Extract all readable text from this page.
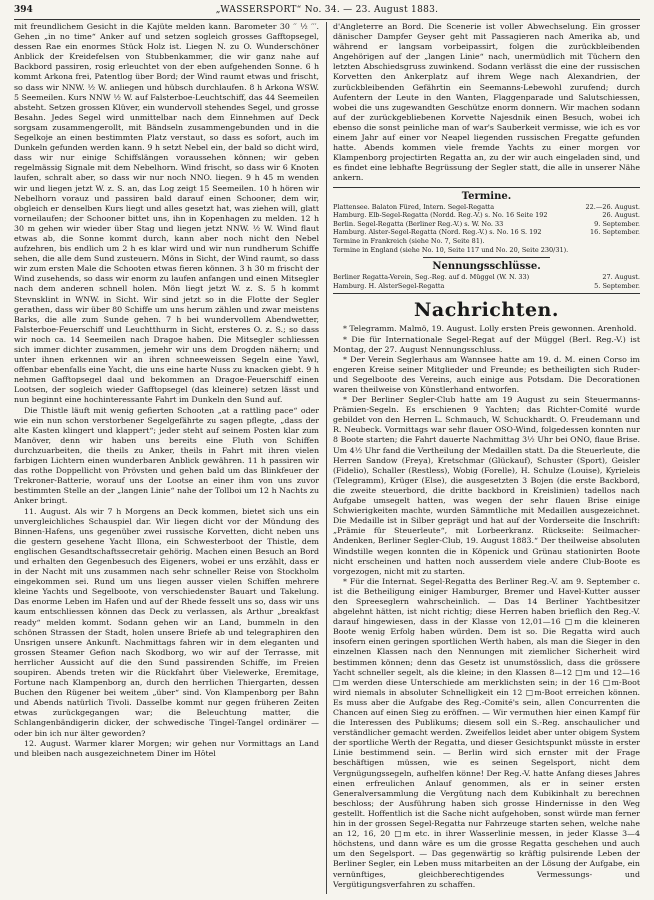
394	„WASSERSPORT“ No. 34. — 23. August 1883.

mit freundlichem Gesicht in die Kajüte melden kann. Barometer 30 ′′ ½ ′′′. Gehen „in no time“ Anker auf und setzen sogleich grosses Gafftopsegel, dessen Rae ein enormes Stück Holz ist. Liegen N. zu O. Wunderschöner Anblick der Kreidefelsen von Stubbenkammer, die wir ganz nahe auf Backbord passiren, rosig erleuchtet von der eben aufgehenden Sonne. 6 h kommt Arkona frei, Patentlog über Bord; der Wind raumt etwas und frischt, so dass wir NNW. ½ W. anliegen und hübsch durchlaufen. 8 h Arkona WSW. 5 Seemeilen. Kurs NNW ½ W. auf Falsterboe-Leuchtschiff, das 44 Seemeilen absteht. Setzen grossen Klüver, ein wundervoll stehendes Segel, und grosse Besahn. Jedes Segel wird unmittelbar nach dem Einnehmen auf Deck sorgsam zusammengerollt, mit Bändseln zusammengebunden und in die Segelkoje an einen bestimmten Platz verstaut, so dass es sofort, auch im Dunkeln gefunden werden kann. 9 h setzt Nebel ein, der bald so dicht wird, dass wir nur einige Schiffslängen voraussehen können; wir geben regelmässig Signale mit dem Nebelhorn. Wind frischt, so dass wir 6 Knoten laufen, schralt aber, so dass wir nur noch NNO. liegen. 9 h 45 m wenden wir und liegen jetzt W. z. S. an, das Log zeigt 15 Seemeilen. 10 h hören wir Nebelhorn vorauz und passiren bald darauf einen Schooner, dem wir, obgleich er denselben Kurs liegt und alles gesetzt hat, was ziehen will, glatt vorneilaufen; der Schooner bittet uns, ihn in Kopenhagen zu melden. 12 h 30 m gehen wir wieder über Stag und liegen jetzt NNW. ½ W. Wind flaut etwas ab, die Sonne kommt durch, kann aber noch nicht den Nebel aufzehren, bis endlich um 2 h es klar wird und wir nun rundherum Schiffe sehen, die alle dem Sund zusteuern. Möns in Sicht, der Wind raumt, so dass wir zum ersten Male die Schooten etwas fieren können. 3 h 30 m frischt der Wind zusehends, so dass wir enorm zu laufen anfangen und einen Mitsegler nach dem anderen schnell holen. Mön liegt jetzt W. z. S. 5 h kommt Stevnsklint in WNW. in Sicht. Wir sind jetzt so in die Flotte der Segler gerathen, dass wir über 80 Schiffe um uns herum zählen und zwar meistens Barks, die alle zum Sunde gehen. 7 h bei wundervollem Abendwetter, Falsterboe-Feuerschiff und Leuchtthurm in Sicht, ersteres O. z. S.; so dass wir noch ca. 14 Seemeilen nach Dragoe haben. Die Mitsegler schliessen sich immer dichter zusammen, jemehr wir uns dem Drogden nähern; und unter ihnen erkennen wir an ihren schneeweissen Segeln eine Yawl, offenbar ebenfalls eine Yacht, die uns eine harte Nuss zu knacken giebt. 9 h nehmen Gafftopsegel daal und bekommen an Dragoe-Feuerschiff einen Lootsen, der sogleich wieder Gafftopsegel (das kleinere) setzen lässt und nun beginnt eine hochinteressante Fahrt im Dunkeln den Sund auf.

Die Thistle läuft mit wenig gefierten Schooten „at a rattling pace“ oder wie ein nun schon verstorbener Segelgefährte zu sagen pflegte, „dass der alte Kasten klingert und klappert“; jeder steht auf seinem Posten klar zum Manöver, denn wir haben uns bereits eine Fluth von Schiffen durchzuarbeiten, die theils zu Anker, theils in Fahrt mit ihren vielen farbigen Lichtern einen wunderbaren Anblick gewähren. 11 h passiren wir das rothe Doppellicht von Prövsten und gehen bald um das Blinkfeuer der Trekroner-Batterie, worauf uns der Lootse an einer ihm von uns zuvor bestimmten Stelle an der „langen Linie“ nahe der Tollboi um 12 h Nachts zu Anker bringt.

11. August. Als wir 7 h Morgens an Deck kommen, bietet sich uns ein unvergleichliches Schauspiel dar. Wir liegen dicht vor der Mündung des Binnen-Hafens, uns gegenüber zwei russische Korvetten, dicht neben uns die gestern gesehene Yacht Illona, ein Schwesterboot der Thistle, dem englischen Gesandtschaftssecretair gehörig. Machen einen Besuch an Bord und erhalten den Gegenbesuch des Eigeners, wobei er uns erzählt, dass er in der Nacht mit uns zusammen nach sehr schneller Reise von Stockholm eingekommen sei. Rund um uns liegen ausser vielen Schiffen mehrere kleine Yachts und Segelboote, von verschiedenster Bauart und Takelung. Das enorme Leben im Hafen und auf der Rhede fesselt uns so, dass wir uns kaum entschliessen können das Deck zu verlassen, als Arthur „breakfast ready“ melden kommt. Sodann gehen wir an Land, bummeln in den schönen Strassen der Stadt, holen unsere Briefe ab und telegraphiren den Unsrigen unsere Ankunft. Nachmittags fahren wir in dem eleganten und grossen Steamer Gefion nach Skodborg, wo wir auf der Terrasse, mit herrlicher Aussicht auf die den Sund passirenden Schiffe, im Freien soupiren. Abends treten wir die Rückfahrt über Vielewerke, Eremitage, Fortune nach Klampenborg an, durch den herrlichen Thiergarten, dessen Buchen den Rügener bei weitem „über“ sind. Von Klampenborg per Bahn und Abends natürlich Tivoli. Dasselbe kommt nur gegen früheren Zeiten etwas zurückgegangen war; die Beleuchtung matter, die Schlangenbändigerin dicker, der schwedische Tingel-Tangel ordinärer — oder bin ich nur älter geworden?

12. August. Warmer klarer Morgen; wir gehen nur Vormittags an Land und bleiben nach ausgezeichnetem Diner im Hôtel

d'Angleterre an Bord. Die Scenerie ist voller Abwechselung. Ein grosser dänischer Dampfer Geyser geht mit Passagieren nach Amerika ab, und während er langsam vorbeipassirt, folgen die zurückbleibenden Angehörigen auf der „langen Linie“ nach, unermüdlich mit Tüchern den letzten Abschiedsgruss zuwinkend. Sodann verlässt die eine der russischen Korvetten den Ankerplatz auf ihrem Wege nach Alexandrien, der zurückbleibenden Gefährtin ein Seemanns-Lebewohl zurufend; durch Aufentern der Leute in den Wanten, Flaggenparade und Salutschiessen, wobei die uns zugewandten Geschütze enorm donnern. Wir machen sodann auf der zurückgebliebenen Korvette Najesdnik einen Besuch, wobei ich ebenso die sonst peinliche man of war's Sauberkeit vermisse, wie ich es vor einem Jahr auf einer vor Neapel liegenden russischen Fregatte gefunden hatte. Abends kommen viele fremde Yachts zu einer morgen vor Klampenborg projectirten Regatta an, zu der wir auch eingeladen sind, und es findet eine lebhafte Begrüssung der Segler statt, die alle in unserer Nähe ankern.

Termine.
Plattensee. Balaton Füred, Intern. Segel-Regatta	22.—26. August.
Hamburg. Elb-Segel-Regatta (Nordd. Reg.-V.) s. No. 16 Seite 192	26. August.
Berlin. Segel-Regatta (Berliner Reg.-V.) s. W. No. 33	9. September.
Hamburg. Alster-Segel-Regatta (Nord. Reg.-V.) s. No. 16 S. 192	16. September.
Termine in Frankreich (siehe No. 7, Seite 81).
Termine in England (siehe No. 10, Seite 117 und No. 20, Seite 230/31).
Nennungsschlüsse.
Berliner Regatta-Verein, Seg.-Reg. auf d. Müggel (W. N. 33)	27. August.
Hamburg. H. AlsterSegel-Regatta	5. September.
Nachrichten.

* Telegramm. Malmö, 19. August. Lolly ersten Preis gewonnen. Arenhold.

* Die für Internationale Segel-Regat auf der Müggel (Berl. Reg.-V.) ist Montag, der 27. August Nennungsschluss.

* Der Verein Seglerhaus am Wannsee hatte am 19. d. M. einen Corso im engeren Kreise seiner Mitglieder und Freunde; es betheiligten sich Ruder- und Segelboote des Vereins, auch einige aus Potsdam. Die Decorationen waren theilweise von Künstlerhand entworfen.

* Der Berliner Segler-Club hatte am 19 August zu sein Steuermanns-Prämien-Segeln. Es erschienen 9 Yachten; das Richter-Comité wurde gebildet von den Herren L. Schmauch, W. Schuckhardt. O. Freudemann und R. Neubeck. Vormittags war sehr flauer OSO-Wind, folgedessen konnten nur 8 Boote starten; die Fahrt dauerte Nachmittag 3½ Uhr bei ONO, flaue Brise. Um 4½ Uhr fand die Vertheilung der Medaillen statt. Da die Steuerleute, die Herren Sandow (Freya), Kretschmar (Glückauf), Schuster (Sport), Geisler (Fidelio), Schaller (Restless), Wobig (Forelle), H. Schulze (Louise), Kyrieleis (Telegramm), Krüger (Else), die ausgesetzten 3 Bojen (die erste Backbord, die zweite steuerbord, die dritte backbord in Kreislinien) tadellos nach Aufgabe umsegelt hatten, was wegen der sehr flauen Brise einige Schwierigkeiten machte, wurden Sämmtliche mit Medaillen ausgezeichnet. Die Medaille ist in Silber geprägt und hat auf der Vorderseite die Inschrift: „Prämie für Steuerleute“, mit Lorbeerkranz. Rückseite: Seilmacher-Andenken, Berliner Segler-Club, 19. August 1883.“ Der theilweise absoluten Windstille wegen konnten die in Köpenick und Grünau stationirten Boote nicht erscheinen und hatten noch ausserdem viele andere Club-Boote es vorgezogen, nicht mit zu starten.

* Für die Internat. Segel-Regatta des Berliner Reg.-V. am 9. September c. ist die Betheiligung einiger Hamburger, Bremer und Havel-Kutter ausser den Spreeseglern wahrscheinlich. — Das 14 Berliner Yachtbesitzer abgelehnt hätten, ist nicht richtig; diese Herren haben brieflich den Reg.-V. darauf hingewiesen, dass in der Klasse von 12,01—16 □m die kleineren Boote wenig Erfolg haben würden. Dem ist so. Die Regatta wird auch insofern einen geringen sportlichen Werth haben, als man die Sieger in den einzelnen Klassen nach den Nennungen mit ziemlicher Sicherheit wird bestimmen können; denn das Gesetz ist unumstösslich, dass die grössere Yacht schneller segelt, als die kleine; in den Klassen 8—12 □m und 12—16 □m werden diese Unterschiede am merklichsten sein; in der 16 □m-Boot wird niemals in absoluter Schnelligkeit ein 12 □m-Boot erreichen können. Es muss aber die Aufgabe des Reg.-Comité's sein, allen Concurrenten die Chancen auf einen Sieg zu eröffnen. — Wir vermuthen hier einen Kampf für die Interessen des Publikums; diesem soll ein S.-Reg. anschaulicher und verständlicher gemacht werden. Zweifellos leidet aber unter obigem System der sportliche Werth der Regatta, und dieser Gesichtspunkt müsste in erster Linie bestimmend sein. — Berlin wird sich ernster mit der Frage beschäftigen müssen, wie es seinen Segelsport, nicht dem Vergnügungssegeln, aufhelfen könne! Der Reg.-V. hatte Anfang dieses Jahres einen erfreulichen Anlauf genommen, als er in seiner ersten Generalversammlung die Vergütung nach dem Kubikinhalt zu berechnen beschloss; der Ausführung haben sich grosse Hindernisse in den Weg gestellt. Hoffentlich ist die Sache nicht aufgehoben, sonst würde man ferner hin in der grossen Segel-Regatta nur Fahrzeuge starten sehen, welche nahe an 12, 16, 20 □m etc. in ihrer Wasserlinie messen, in jeder Klasse 3—4 höchstens, und dann wäre es um die grosse Regatta geschehen und auch um den Segelsport. — Das gegenwärtig so kräftig pulsirende Leben der Berliner Segler, ein Leben muss mitarbeiten an der Lösung der Aufgabe, ein vernünftiges, gleichberechtigendes Vermessungs- und Vergütigungsverfahren zu schaffen.
